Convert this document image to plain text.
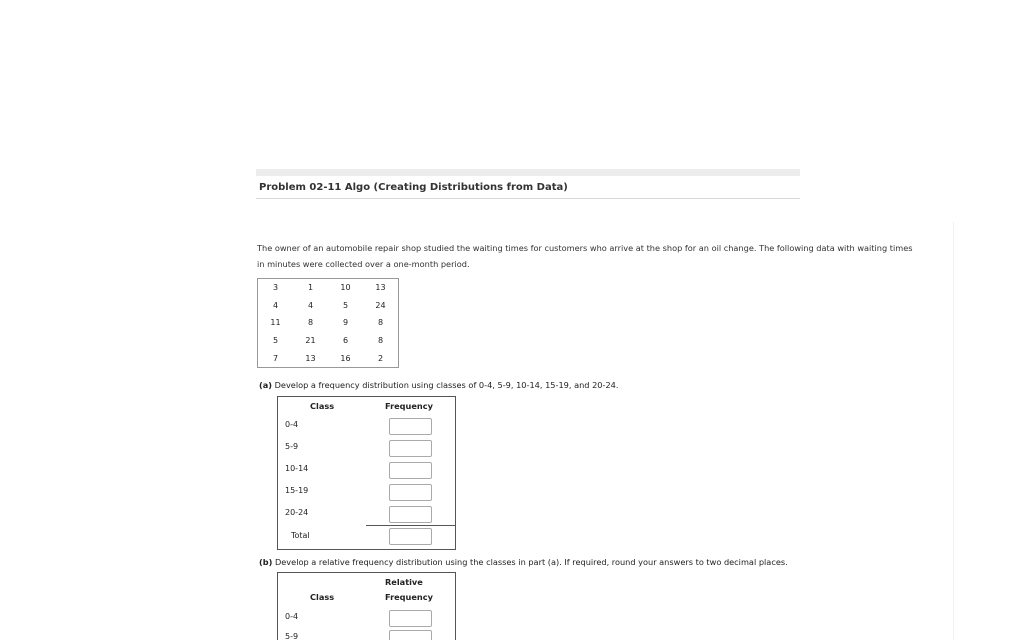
Problem 02-11 Algo (Creating Distributions from Data)
The owner of an automobile repair shop studied the waiting times for customers who arrive at the shop for an oil change. The following data with waiting times
in minutes were collected over a one-month period.
3	1	10	13
4	4	5	24
11	8	9	8
5	21	6	8
7	13	16	2
(a) Develop a frequency distribution using classes of 0-4, 5-9, 10-14, 15-19, and 20-24.
Class	Frequency
0-4
5-9
10-14
15-19
20-24
Total
(b) Develop a relative frequency distribution using the classes in part (a). If required, round your answers to two decimal places.
Relative
Class	Frequency
0-4
5-9
